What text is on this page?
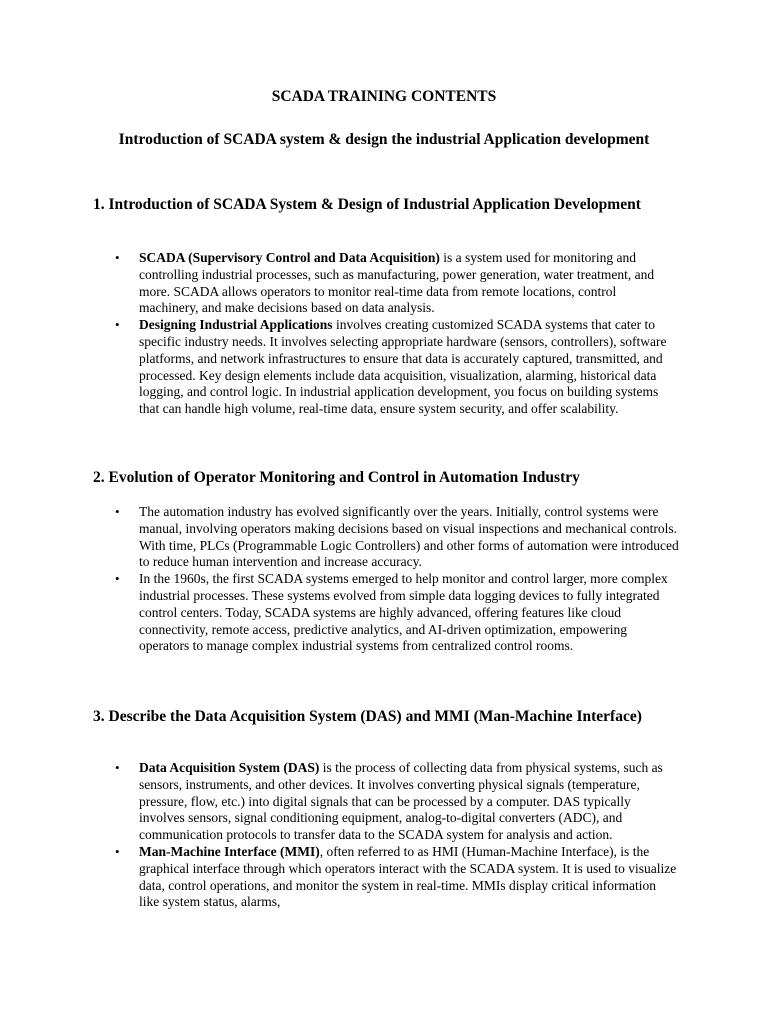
SCADA TRAINING CONTENTS
Introduction of SCADA system & design the industrial Application development
1. Introduction of SCADA System & Design of Industrial Application Development
• SCADA (Supervisory Control and Data Acquisition) is a system used for monitoring and controlling industrial processes, such as manufacturing, power generation, water treatment, and more. SCADA allows operators to monitor real-time data from remote locations, control machinery, and make decisions based on data analysis.
• Designing Industrial Applications involves creating customized SCADA systems that cater to specific industry needs. It involves selecting appropriate hardware (sensors, controllers), software platforms, and network infrastructures to ensure that data is accurately captured, transmitted, and processed. Key design elements include data acquisition, visualization, alarming, historical data logging, and control logic. In industrial application development, you focus on building systems that can handle high volume, real-time data, ensure system security, and offer scalability.
2. Evolution of Operator Monitoring and Control in Automation Industry
• The automation industry has evolved significantly over the years. Initially, control systems were manual, involving operators making decisions based on visual inspections and mechanical controls. With time, PLCs (Programmable Logic Controllers) and other forms of automation were introduced to reduce human intervention and increase accuracy.
• In the 1960s, the first SCADA systems emerged to help monitor and control larger, more complex industrial processes. These systems evolved from simple data logging devices to fully integrated control centers. Today, SCADA systems are highly advanced, offering features like cloud connectivity, remote access, predictive analytics, and AI-driven optimization, empowering operators to manage complex industrial systems from centralized control rooms.
3. Describe the Data Acquisition System (DAS) and MMI (Man-Machine Interface)
• Data Acquisition System (DAS) is the process of collecting data from physical systems, such as sensors, instruments, and other devices. It involves converting physical signals (temperature, pressure, flow, etc.) into digital signals that can be processed by a computer. DAS typically involves sensors, signal conditioning equipment, analog-to-digital converters (ADC), and communication protocols to transfer data to the SCADA system for analysis and action.
• Man-Machine Interface (MMI), often referred to as HMI (Human-Machine Interface), is the graphical interface through which operators interact with the SCADA system. It is used to visualize data, control operations, and monitor the system in real-time. MMIs display critical information like system status, alarms,
